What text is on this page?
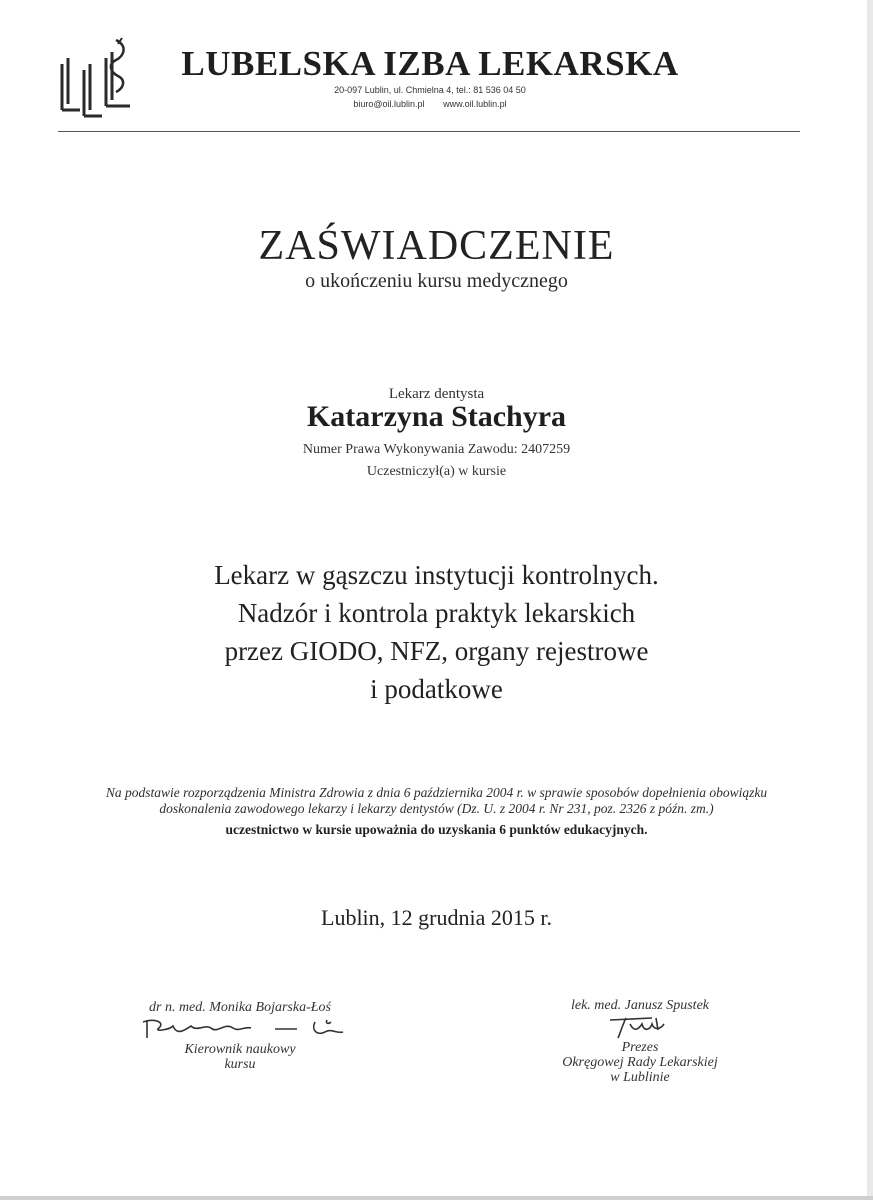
LUBELSKA IZBA LEKARSKA
20-097 Lublin, ul. Chmielna 4, tel.: 81 536 04 50
biuro@oil.lublin.pl www.oil.lublin.pl
ZAŚWIADCZENIE
o ukończeniu kursu medycznego
Lekarz dentysta
Katarzyna Stachyra
Numer Prawa Wykonywania Zawodu: 2407259
Uczestniczył(a) w kursie
Lekarz w gąszczu instytucji kontrolnych.
Nadzór i kontrola praktyk lekarskich
przez GIODO, NFZ, organy rejestrowe
i podatkowe
Na podstawie rozporządzenia Ministra Zdrowia z dnia 6 października 2004 r. w sprawie sposobów dopełnienia obowiązku
doskonalenia zawodowego lekarzy i lekarzy dentystów (Dz. U. z 2004 r. Nr 231, poz. 2326 z późn. zm.)
uczestnictwo w kursie upoważnia do uzyskania 6 punktów edukacyjnych.
Lublin, 12 grudnia 2015 r.
dr n. med. Monika Bojarska-Łoś
Kierownik naukowy
kursu
lek. med. Janusz Spustek
Prezes
Okręgowej Rady Lekarskiej
w Lublinie
